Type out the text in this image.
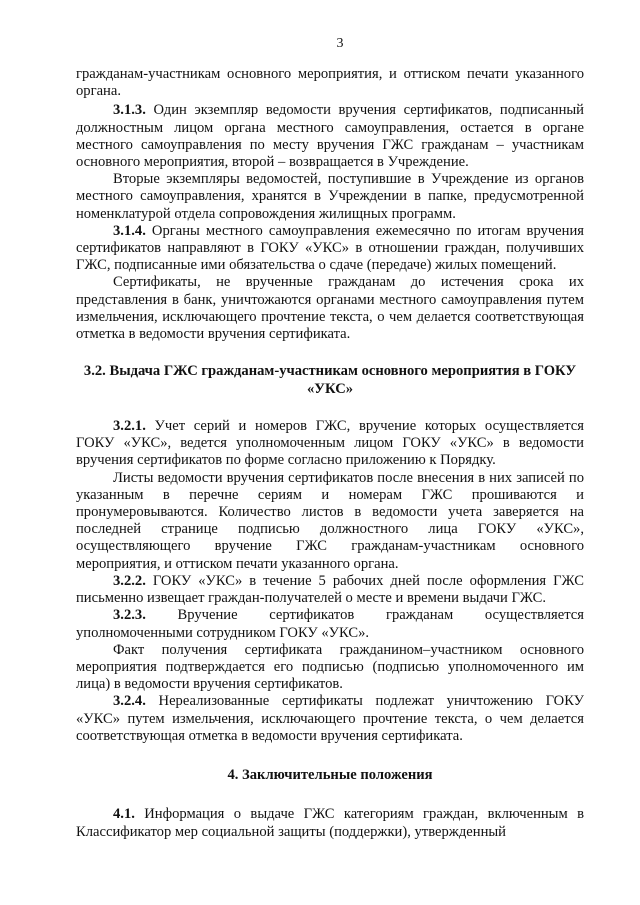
3

гражданам-участникам основного мероприятия, и оттиском печати указанного органа.

3.1.3. Один экземпляр ведомости вручения сертификатов, подписанный должностным лицом органа местного самоуправления, остается в органе местного самоуправления по месту вручения ГЖС гражданам – участникам основного мероприятия, второй – возвращается в Учреждение.

Вторые экземпляры ведомостей, поступившие в Учреждение из органов местного самоуправления, хранятся в Учреждении в папке, предусмотренной номенклатурой отдела сопровождения жилищных программ.

3.1.4. Органы местного самоуправления ежемесячно по итогам вручения сертификатов направляют в ГОКУ «УКС» в отношении граждан, получивших ГЖС, подписанные ими обязательства о сдаче (передаче) жилых помещений.

Сертификаты, не врученные гражданам до истечения срока их представления в банк, уничтожаются органами местного самоуправления путем измельчения, исключающего прочтение текста, о чем делается соответствующая отметка в ведомости вручения сертификата.

3.2. Выдача ГЖС гражданам-участникам основного мероприятия в ГОКУ «УКС»

3.2.1. Учет серий и номеров ГЖС, вручение которых осуществляется ГОКУ «УКС», ведется уполномоченным лицом ГОКУ «УКС» в ведомости вручения сертификатов по форме согласно приложению к Порядку.

Листы ведомости вручения сертификатов после внесения в них записей по указанным в перечне сериям и номерам ГЖС прошиваются и пронумеровываются. Количество листов в ведомости учета заверяется на последней странице подписью должностного лица ГОКУ «УКС», осуществляющего вручение ГЖС гражданам-участникам основного мероприятия, и оттиском печати указанного органа.

3.2.2. ГОКУ «УКС» в течение 5 рабочих дней после оформления ГЖС письменно извещает граждан-получателей о месте и времени выдачи ГЖС.

3.2.3. Вручение сертификатов гражданам осуществляется уполномоченными сотрудником ГОКУ «УКС».

Факт получения сертификата гражданином–участником основного мероприятия подтверждается его подписью (подписью уполномоченного им лица) в ведомости вручения сертификатов.

3.2.4. Нереализованные сертификаты подлежат уничтожению ГОКУ «УКС» путем измельчения, исключающего прочтение текста, о чем делается соответствующая отметка в ведомости вручения сертификата.

4. Заключительные положения

4.1. Информация о выдаче ГЖС категориям граждан, включенным в Классификатор мер социальной защиты (поддержки), утвержденный
